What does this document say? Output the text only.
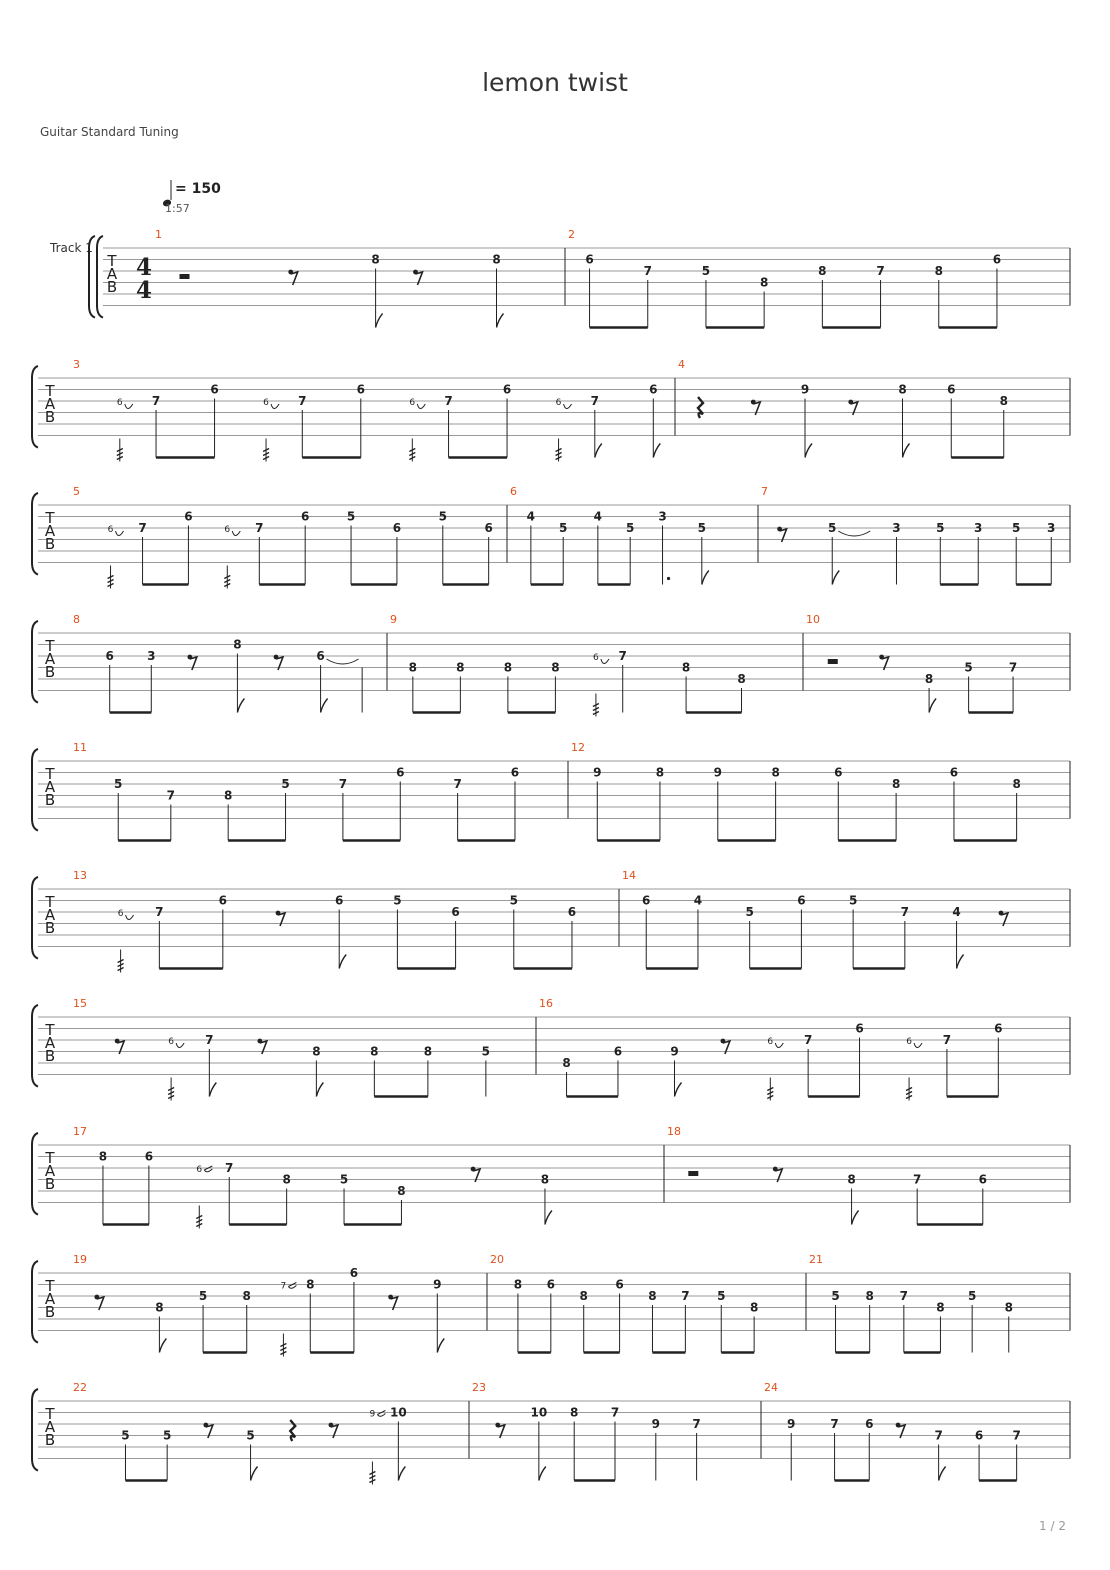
lemon twist
Guitar Standard Tuning
1 / 2
= 150
1:57
Track 1
T
A
B
4
4
1
8	8
2
6
7	5
8
8	7	8
6
T
A
B
3
6 7
6
6 7
6
6 7
6
6 7
6
4
9	8	6
8
T
A
B
5
6 7
6
6 7
6	5
6
5
6
6
4
5
4
5
3
5
7
5	3	5 3 5 3
T
A
B
8
6	3
8
6
9
8	8	8	8
6 7
8
8
10
8
5	7
T
A
B
11
5
7	8
5	7
6
7
6
12
9	8	9	8	6
8
6
8
T
A
B
13
6	7
6	6	5
6
5
6
14
6	4
5
6	5
7	4
T
A
B
15
6	7
8	8	8	5
16
8
6	9
6	7
6
6	7
6
T
A
B
17
8	6
6 7
8	5
8
8
18
8	7	6
T
A
B
19
8
5	8
7 8
6
9
20
8 6
8
6
8 7 5
8
21
5 8 7
8
5
8
T
A
B
22
5	5	5
9 10
23
10 8	7
9	7
24
9	7 6
7	6 7
